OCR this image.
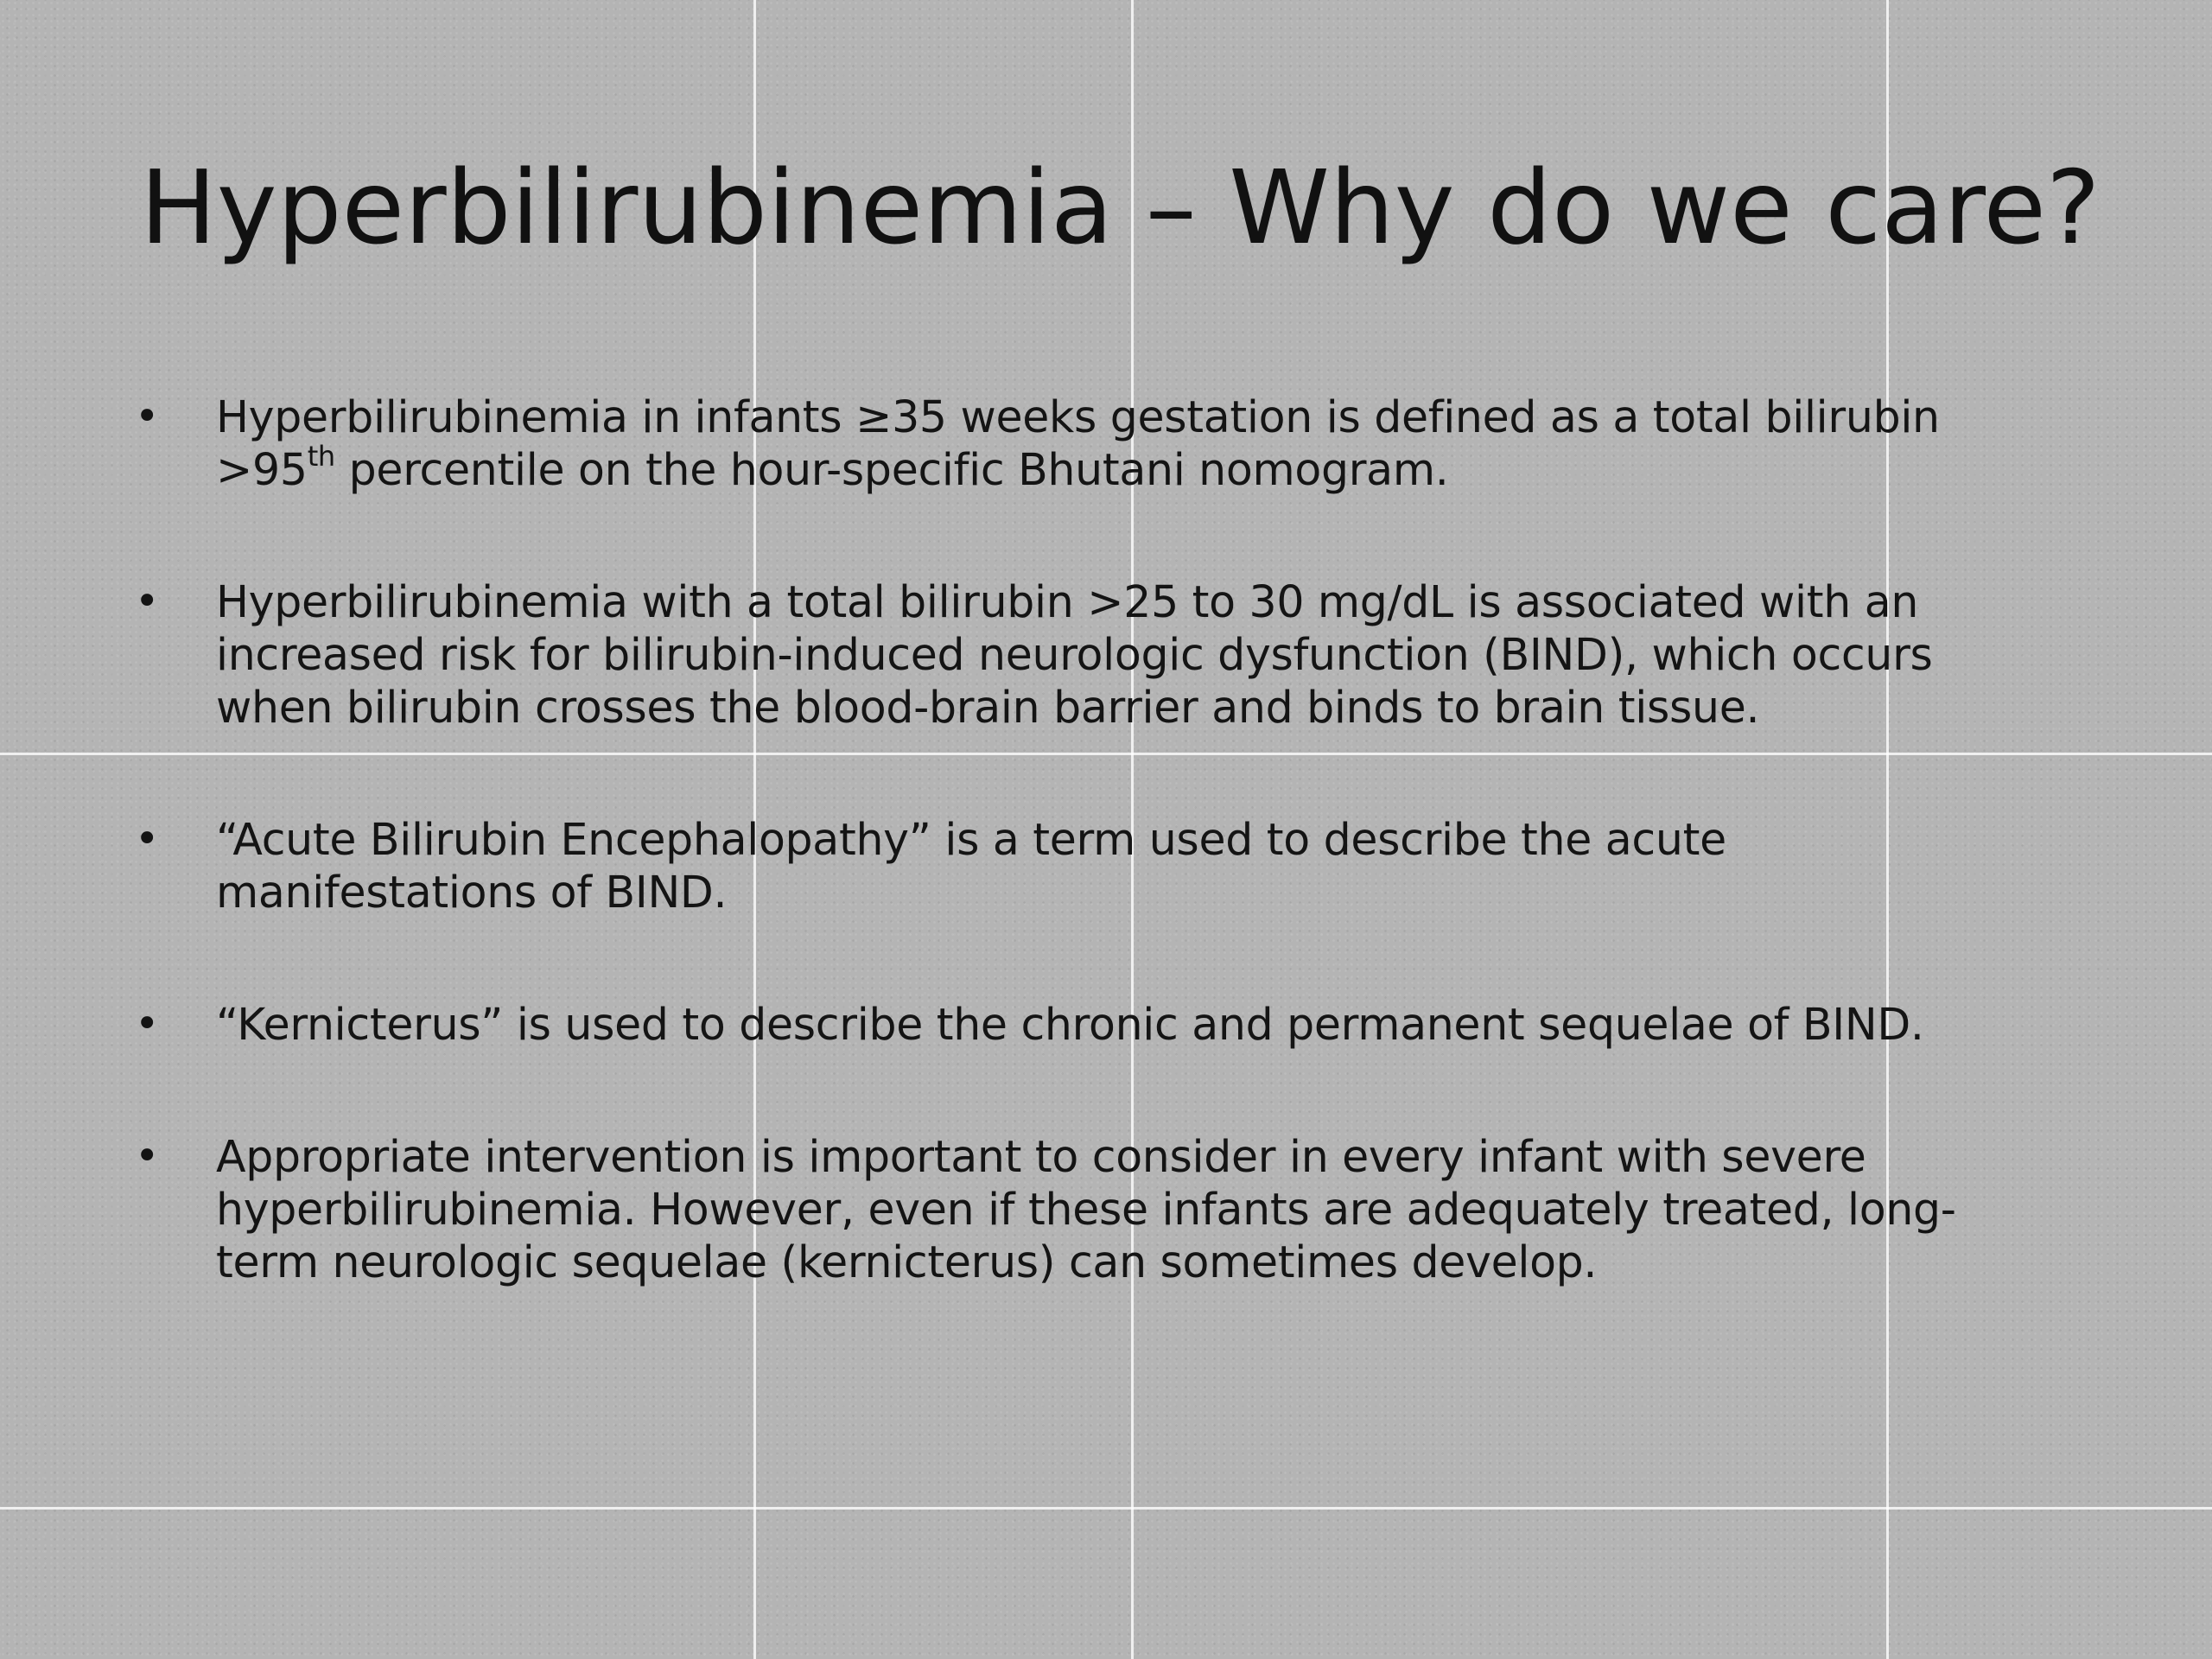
Hyperbilirubinemia – Why do we care?
•	Hyperbilirubinemia in infants ≥35 weeks gestation is defined as a total bilirubin >95th percentile on the hour-specific Bhutani nomogram.
•	Hyperbilirubinemia with a total bilirubin >25 to 30 mg/dL is associated with an increased risk for bilirubin-induced neurologic dysfunction (BIND), which occurs when bilirubin crosses the blood-brain barrier and binds to brain tissue.
•	“Acute Bilirubin Encephalopathy” is a term used to describe the acute manifestations of BIND.
•	“Kernicterus” is used to describe the chronic and permanent sequelae of BIND.
•	Appropriate intervention is important to consider in every infant with severe hyperbilirubinemia. However, even if these infants are adequately treated, long-term neurologic sequelae (kernicterus) can sometimes develop.
